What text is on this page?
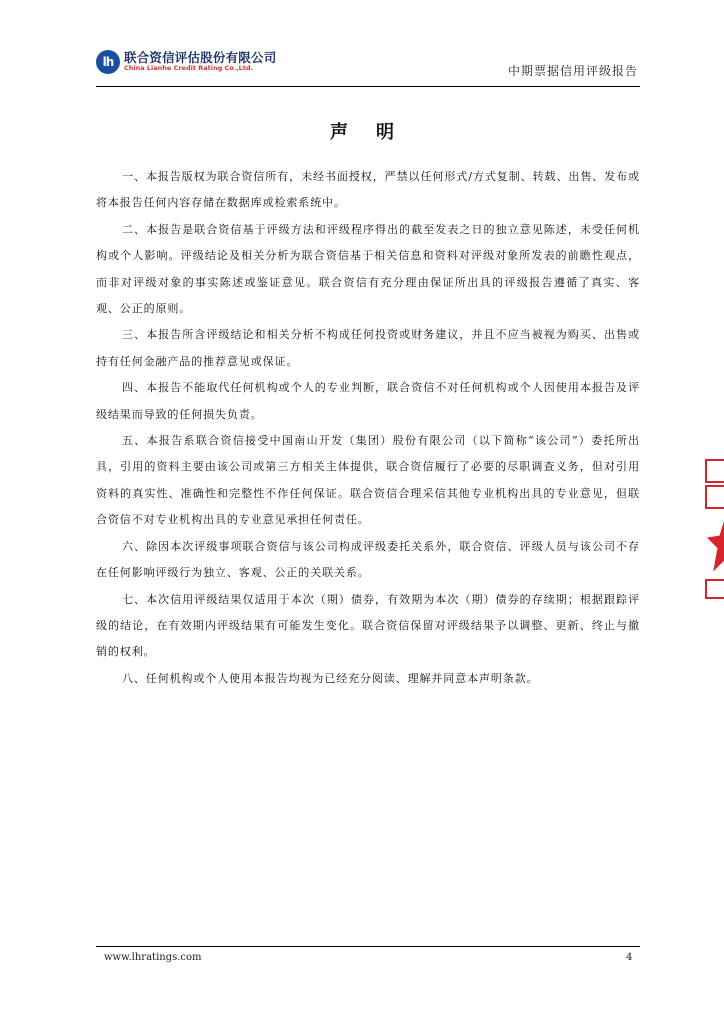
lh 联合资信评估股份有限公司
China Lianhe Credit Rating Co.,Ltd.	中期票据信用评级报告
声明

一、本报告版权为联合资信所有，未经书面授权，严禁以任何形式/方式复制、转载、出售、发布或将本报告任何内容存储在数据库或检索系统中。

二、本报告是联合资信基于评级方法和评级程序得出的截至发表之日的独立意见陈述，未受任何机构或个人影响。评级结论及相关分析为联合资信基于相关信息和资料对评级对象所发表的前瞻性观点，而非对评级对象的事实陈述或鉴证意见。联合资信有充分理由保证所出具的评级报告遵循了真实、客观、公正的原则。

三、本报告所含评级结论和相关分析不构成任何投资或财务建议，并且不应当被视为购买、出售或持有任何金融产品的推荐意见或保证。

四、本报告不能取代任何机构或个人的专业判断，联合资信不对任何机构或个人因使用本报告及评级结果而导致的任何损失负责。

五、本报告系联合资信接受中国南山开发（集团）股份有限公司（以下简称“该公司”）委托所出具，引用的资料主要由该公司或第三方相关主体提供，联合资信履行了必要的尽职调查义务，但对引用资料的真实性、准确性和完整性不作任何保证。联合资信合理采信其他专业机构出具的专业意见，但联合资信不对专业机构出具的专业意见承担任何责任。

六、除因本次评级事项联合资信与该公司构成评级委托关系外，联合资信、评级人员与该公司不存在任何影响评级行为独立、客观、公正的关联关系。

七、本次信用评级结果仅适用于本次（期）债券，有效期为本次（期）债券的存续期；根据跟踪评级的结论，在有效期内评级结果有可能发生变化。联合资信保留对评级结果予以调整、更新、终止与撤销的权利。

八、任何机构或个人使用本报告均视为已经充分阅读、理解并同意本声明条款。

www.lhratings.com	4
